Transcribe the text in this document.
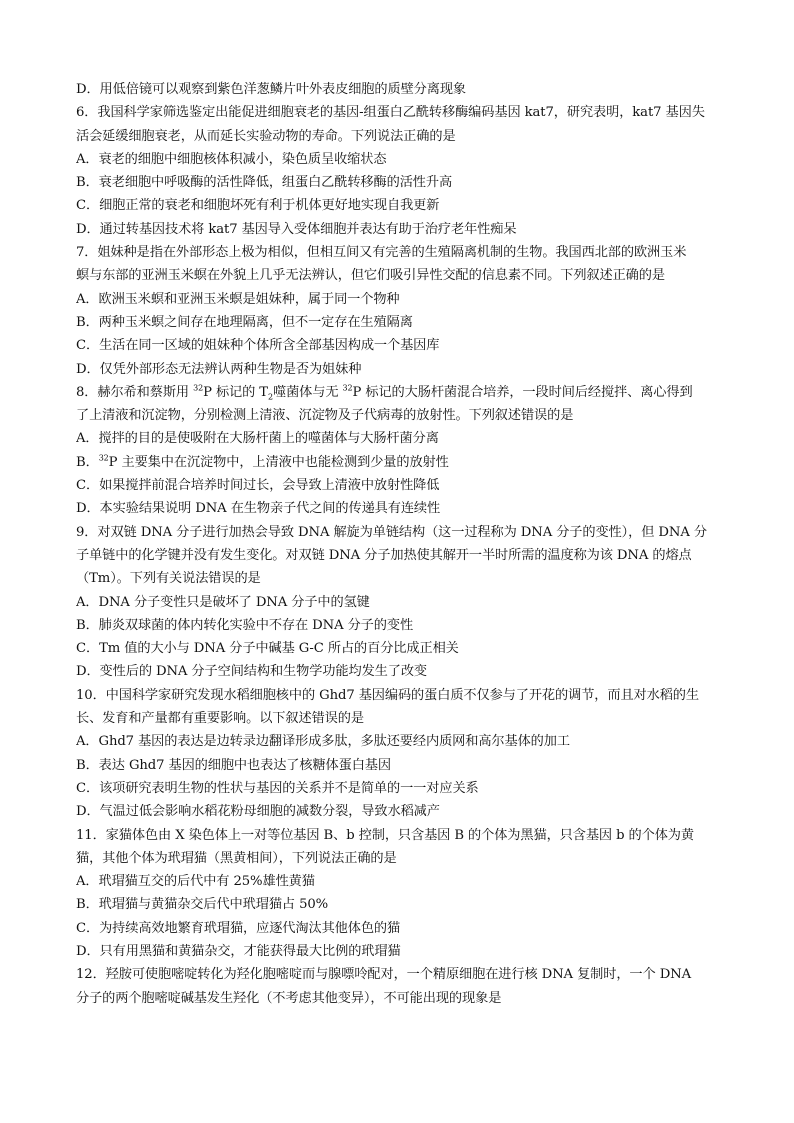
D．用低倍镜可以观察到紫色洋葱鳞片叶外表皮细胞的质壁分离现象
6．我国科学家筛选鉴定出能促进细胞衰老的基因-组蛋白乙酰转移酶编码基因 kat7，研究表明，kat7 基因失
活会延缓细胞衰老，从而延长实验动物的寿命。下列说法正确的是
A．衰老的细胞中细胞核体积减小，染色质呈收缩状态
B．衰老细胞中呼吸酶的活性降低，组蛋白乙酰转移酶的活性升高
C．细胞正常的衰老和细胞坏死有利于机体更好地实现自我更新
D．通过转基因技术将 kat7 基因导入受体细胞并表达有助于治疗老年性痴呆
7．姐妹种是指在外部形态上极为相似，但相互间又有完善的生殖隔离机制的生物。我国西北部的欧洲玉米
螟与东部的亚洲玉米螟在外貌上几乎无法辨认，但它们吸引异性交配的信息素不同。下列叙述正确的是
A．欧洲玉米螟和亚洲玉米螟是姐妹种，属于同一个物种
B．两种玉米螟之间存在地理隔离，但不一定存在生殖隔离
C．生活在同一区域的姐妹种个体所含全部基因构成一个基因库
D．仅凭外部形态无法辨认两种生物是否为姐妹种
8．赫尔希和蔡斯用 $^{32}$P 标记的 $T_2$噬菌体与无 $^{32}$P 标记的大肠杆菌混合培养，一段时间后经搅拌、离心得到
了上清液和沉淀物，分别检测上清液、沉淀物及子代病毒的放射性。下列叙述错误的是
A．搅拌的目的是使吸附在大肠杆菌上的噬菌体与大肠杆菌分离
B．$^{32}$P 主要集中在沉淀物中，上清液中也能检测到少量的放射性
C．如果搅拌前混合培养时间过长，会导致上清液中放射性降低
D．本实验结果说明 DNA 在生物亲子代之间的传递具有连续性
9．对双链 DNA 分子进行加热会导致 DNA 解旋为单链结构（这一过程称为 DNA 分子的变性），但 DNA 分
子单链中的化学键并没有发生变化。对双链 DNA 分子加热使其解开一半时所需的温度称为该 DNA 的熔点
（Tm）。下列有关说法错误的是
A．DNA 分子变性只是破坏了 DNA 分子中的氢键
B．肺炎双球菌的体内转化实验中不存在 DNA 分子的变性
C．Tm 值的大小与 DNA 分子中碱基 G-C 所占的百分比成正相关
D．变性后的 DNA 分子空间结构和生物学功能均发生了改变
10．中国科学家研究发现水稻细胞核中的 Ghd7 基因编码的蛋白质不仅参与了开花的调节，而且对水稻的生
长、发育和产量都有重要影响。以下叙述错误的是
A．Ghd7 基因的表达是边转录边翻译形成多肽，多肽还要经内质网和高尔基体的加工
B．表达 Ghd7 基因的细胞中也表达了核糖体蛋白基因
C．该项研究表明生物的性状与基因的关系并不是简单的一一对应关系
D．气温过低会影响水稻花粉母细胞的减数分裂，导致水稻减产
11．家猫体色由 X 染色体上一对等位基因 B、b 控制，只含基因 B 的个体为黑猫，只含基因 b 的个体为黄
猫，其他个体为玳瑁猫（黑黄相间），下列说法正确的是
A．玳瑁猫互交的后代中有 25%雄性黄猫
B．玳瑁猫与黄猫杂交后代中玳瑁猫占 50%
C．为持续高效地繁育玳瑁猫，应逐代淘汰其他体色的猫
D．只有用黑猫和黄猫杂交，才能获得最大比例的玳瑁猫
12．羟胺可使胞嘧啶转化为羟化胞嘧啶而与腺嘌呤配对，一个精原细胞在进行核 DNA 复制时，一个 DNA
分子的两个胞嘧啶碱基发生羟化（不考虑其他变异），不可能出现的现象是
